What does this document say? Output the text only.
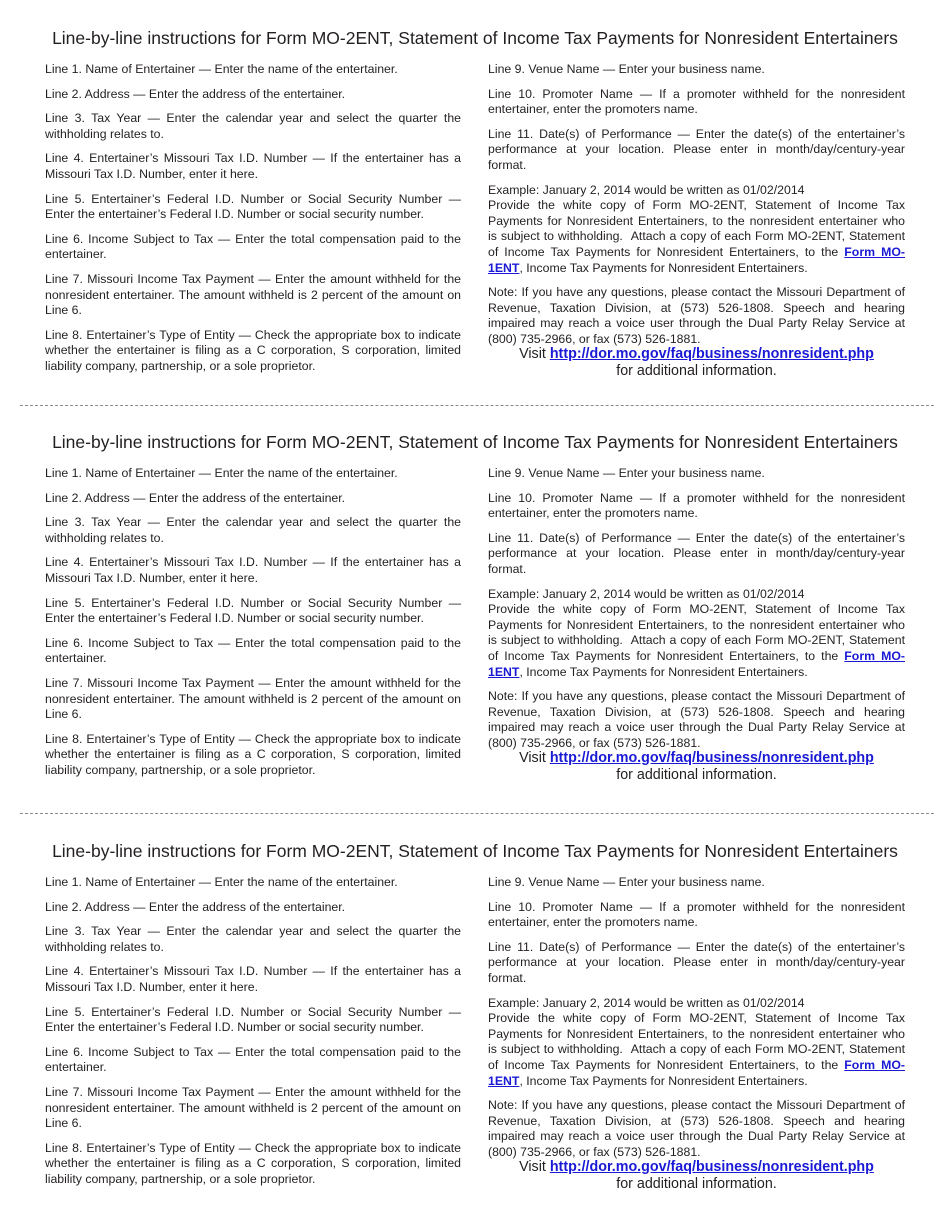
Line-by-line instructions for Form MO-2ENT, Statement of Income Tax Payments for Nonresident Entertainers

Line 1. Name of Entertainer — Enter the name of the entertainer.

Line 2. Address — Enter the address of the entertainer.

Line 3. Tax Year — Enter the calendar year and select the quarter the withholding relates to.

Line 4. Entertainer’s Missouri Tax I.D. Number — If the entertainer has a Missouri Tax I.D. Number, enter it here.

Line 5. Entertainer’s Federal I.D. Number or Social Security Number — Enter the entertainer’s Federal I.D. Number or social security number.

Line 6. Income Subject to Tax — Enter the total compensation paid to the entertainer.

Line 7. Missouri Income Tax Payment — Enter the amount withheld for the nonresident entertainer. The amount withheld is 2 percent of the amount on Line 6.

Line 8. Entertainer’s Type of Entity — Check the appropriate box to indicate whether the entertainer is filing as a C corporation, S corporation, limited liability company, partnership, or a sole proprietor.

Line 9. Venue Name — Enter your business name.

Line 10. Promoter Name — If a promoter withheld for the nonresident entertainer, enter the promoters name.

Line 11. Date(s) of Performance — Enter the date(s) of the entertainer’s performance at your location. Please enter in month/day/century-year format.

Example: January 2, 2014 would be written as 01/02/2014

Provide the white copy of Form MO-2ENT, Statement of Income Tax Payments for Nonresident Entertainers, to the nonresident entertainer who is subject to withholding.  Attach a copy of each Form MO-2ENT, Statement of Income Tax Payments for Nonresident Entertainers, to the Form MO-1ENT, Income Tax Payments for Nonresident Entertainers.

Note: If you have any questions, please contact the Missouri Department of Revenue, Taxation Division, at (573) 526-1808. Speech and hearing impaired may reach a voice user through the Dual Party Relay Service at (800) 735-2966, or fax (573) 526-1881.

Visit http://dor.mo.gov/faq/business/nonresident.php
for additional information.
Line-by-line instructions for Form MO-2ENT, Statement of Income Tax Payments for Nonresident Entertainers

Line 1. Name of Entertainer — Enter the name of the entertainer.

Line 2. Address — Enter the address of the entertainer.

Line 3. Tax Year — Enter the calendar year and select the quarter the withholding relates to.

Line 4. Entertainer’s Missouri Tax I.D. Number — If the entertainer has a Missouri Tax I.D. Number, enter it here.

Line 5. Entertainer’s Federal I.D. Number or Social Security Number — Enter the entertainer’s Federal I.D. Number or social security number.

Line 6. Income Subject to Tax — Enter the total compensation paid to the entertainer.

Line 7. Missouri Income Tax Payment — Enter the amount withheld for the nonresident entertainer. The amount withheld is 2 percent of the amount on Line 6.

Line 8. Entertainer’s Type of Entity — Check the appropriate box to indicate whether the entertainer is filing as a C corporation, S corporation, limited liability company, partnership, or a sole proprietor.

Line 9. Venue Name — Enter your business name.

Line 10. Promoter Name — If a promoter withheld for the nonresident entertainer, enter the promoters name.

Line 11. Date(s) of Performance — Enter the date(s) of the entertainer’s performance at your location. Please enter in month/day/century-year format.

Example: January 2, 2014 would be written as 01/02/2014

Provide the white copy of Form MO-2ENT, Statement of Income Tax Payments for Nonresident Entertainers, to the nonresident entertainer who is subject to withholding.  Attach a copy of each Form MO-2ENT, Statement of Income Tax Payments for Nonresident Entertainers, to the Form MO-1ENT, Income Tax Payments for Nonresident Entertainers.

Note: If you have any questions, please contact the Missouri Department of Revenue, Taxation Division, at (573) 526-1808. Speech and hearing impaired may reach a voice user through the Dual Party Relay Service at (800) 735-2966, or fax (573) 526-1881.

Visit http://dor.mo.gov/faq/business/nonresident.php
for additional information.
Line-by-line instructions for Form MO-2ENT, Statement of Income Tax Payments for Nonresident Entertainers

Line 1. Name of Entertainer — Enter the name of the entertainer.

Line 2. Address — Enter the address of the entertainer.

Line 3. Tax Year — Enter the calendar year and select the quarter the withholding relates to.

Line 4. Entertainer’s Missouri Tax I.D. Number — If the entertainer has a Missouri Tax I.D. Number, enter it here.

Line 5. Entertainer’s Federal I.D. Number or Social Security Number — Enter the entertainer’s Federal I.D. Number or social security number.

Line 6. Income Subject to Tax — Enter the total compensation paid to the entertainer.

Line 7. Missouri Income Tax Payment — Enter the amount withheld for the nonresident entertainer. The amount withheld is 2 percent of the amount on Line 6.

Line 8. Entertainer’s Type of Entity — Check the appropriate box to indicate whether the entertainer is filing as a C corporation, S corporation, limited liability company, partnership, or a sole proprietor.

Line 9. Venue Name — Enter your business name.

Line 10. Promoter Name — If a promoter withheld for the nonresident entertainer, enter the promoters name.

Line 11. Date(s) of Performance — Enter the date(s) of the entertainer’s performance at your location. Please enter in month/day/century-year format.

Example: January 2, 2014 would be written as 01/02/2014

Provide the white copy of Form MO-2ENT, Statement of Income Tax Payments for Nonresident Entertainers, to the nonresident entertainer who is subject to withholding.  Attach a copy of each Form MO-2ENT, Statement of Income Tax Payments for Nonresident Entertainers, to the Form MO-1ENT, Income Tax Payments for Nonresident Entertainers.

Note: If you have any questions, please contact the Missouri Department of Revenue, Taxation Division, at (573) 526-1808. Speech and hearing impaired may reach a voice user through the Dual Party Relay Service at (800) 735-2966, or fax (573) 526-1881.

Visit http://dor.mo.gov/faq/business/nonresident.php
for additional information.
